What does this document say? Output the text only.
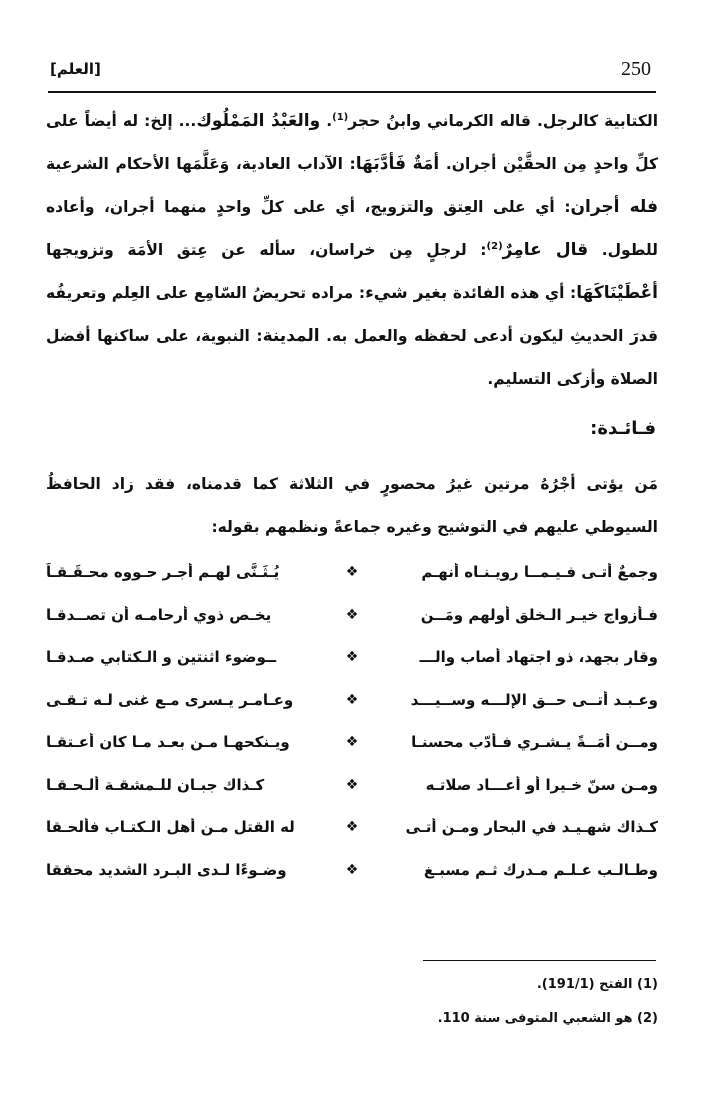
250
[العلم]

الكتابية كالرجل. قاله الكرماني وابنُ حجر$^{(1)}$. والعَبْدُ المَمْلُوك... إلخ: له أيضاً على كلِّ واحدٍ مِن الحقَّيْن أجران. أمَةٌ فَأدَّبَهَا: الآداب العادية، وَعَلَّمَها الأحكام الشرعية فله أجران: أي على العِتق والتزويج، أي على كلِّ واحدٍ منهما أجران، وأعاده للطول. قال عامِرٌ$^{(2)}$: لرجلٍ مِن خراسان، سأله عن عِتق الأمَة وتزويجها أعْطَيْنَاكَهَا: أي هذه الفائدة بغير شيء: مراده تحريضُ السّامِع على العِلم وتعريفُه قدرَ الحديثِ ليكون أدعى لحفظه والعمل به. المدينة: النبوية، على ساكنها أفضل الصلاة وأزكى التسليم.

فـائـدة:

مَن يؤتى أجْرُهُ مرتين غيرُ محصورٍ في الثلاثة كما قدمناه، فقد زاد الحافظُ السيوطي عليهم في التوشيح وغيره جماعةً ونظمهم بقوله:

وجمعٌ أتـى فـيـمــا رويـنـاه أنهـم
❖
يُـثَـنَّى لهـم أجـر حـووه محـقَـقـاً
فـأزواج خيـرِ الـخلق أولهم ومَــن
❖
يخـص ذوي أرحامـه أن تصــدقـا
وقارٍ بجهد، ذو اجتهاد أصاب والـــ
❖
ــوضوء اثنتين و الـكتابي صـدقـا
وعـبـد أتــى حــق الإلـــه وســيـــد
❖
وعـامـر يـسرى مـع غنى لـه تـقـى
ومــن أمَــةً يـشـري فـأدّب محسنـا
❖
ويـنكحهـا مـن بعـد مـا كان أعـتقـا
ومـن سنّ خـيرا أو أعـــاد صلاتـه
❖
كـذاك جبـان للـمشقـة ألـحـقـا
كـذاك شهـيـد في البحار ومـن أتـى
❖
له القتل مـن أهل الـكتـاب فألحـقا
وطـالـب عـلـم مـدرك ثـم مسبـغ
❖
وضـوءًا لـدى البـرد الشديد محققا
(1) الفتح (191/1).
(2) هو الشعبي المتوفى سنة 110.
